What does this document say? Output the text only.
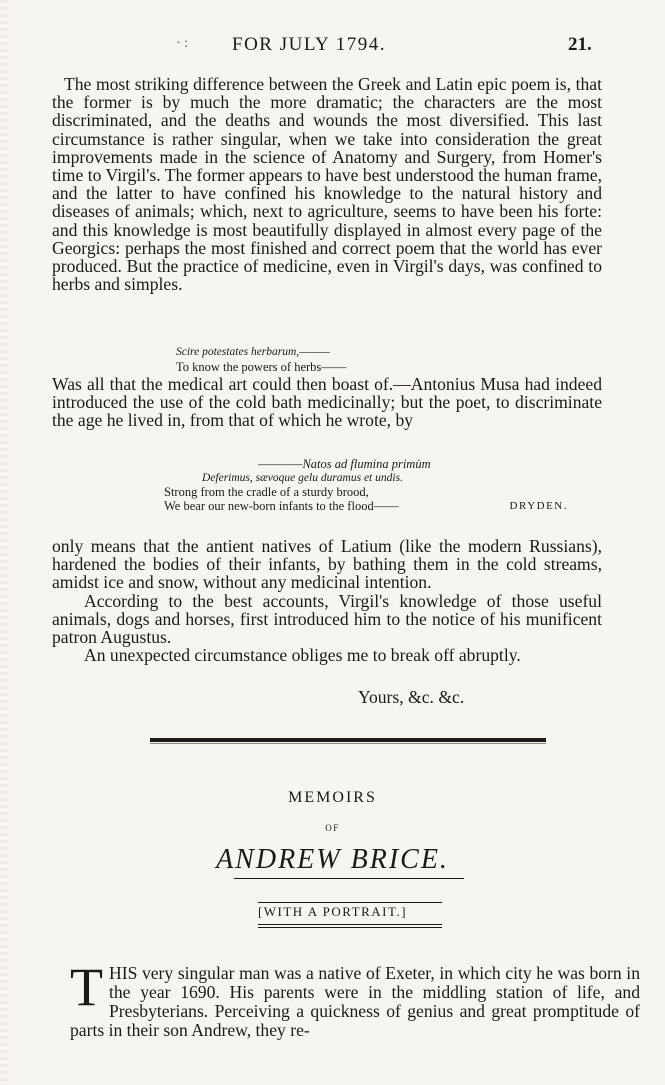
· : FOR JULY 1794.	21.

The most striking difference between the Greek and Latin epic poem is, that the former is by much the more dramatic; the characters are the most discriminated, and the deaths and wounds the most diversified. This last circumstance is rather singular, when we take into consideration the great improvements made in the science of Anatomy and Surgery, from Homer's time to Virgil's. The former appears to have best understood the human frame, and the latter to have confined his knowledge to the natural history and diseases of animals; which, next to agriculture, seems to have been his forte: and this knowledge is most beautifully displayed in almost every page of the Georgics: perhaps the most finished and correct poem that the world has ever produced. But the practice of medicine, even in Virgil's days, was confined to herbs and simples.

Scire potestates herbarum,———
To know the powers of herbs——

Was all that the medical art could then boast of.—Antonius Musa had indeed introduced the use of the cold bath medicinally; but the poet, to discriminate the age he lived in, from that of which he wrote, by

————Natos ad flumina primùm
Deferimus, sævoque gelu duramus et undis.
Strong from the cradle of a sturdy brood,
We bear our new-born infants to the flood——	DRYDEN.

only means that the antient natives of Latium (like the modern Russians), hardened the bodies of their infants, by bathing them in the cold streams, amidst ice and snow, without any medicinal intention.

According to the best accounts, Virgil's knowledge of those useful animals, dogs and horses, first introduced him to the notice of his munificent patron Augustus.

An unexpected circumstance obliges me to break off abruptly.

Yours, &c. &c.
MEMOIRS
OF
ANDREW BRICE.
[WITH A PORTRAIT.]
T HIS very singular man was a native of Exeter, in which city he was born in the year 1690. His parents were in the middling station of life, and Presbyterians. Perceiving a quickness of genius and great promptitude of parts in their son Andrew, they re-
